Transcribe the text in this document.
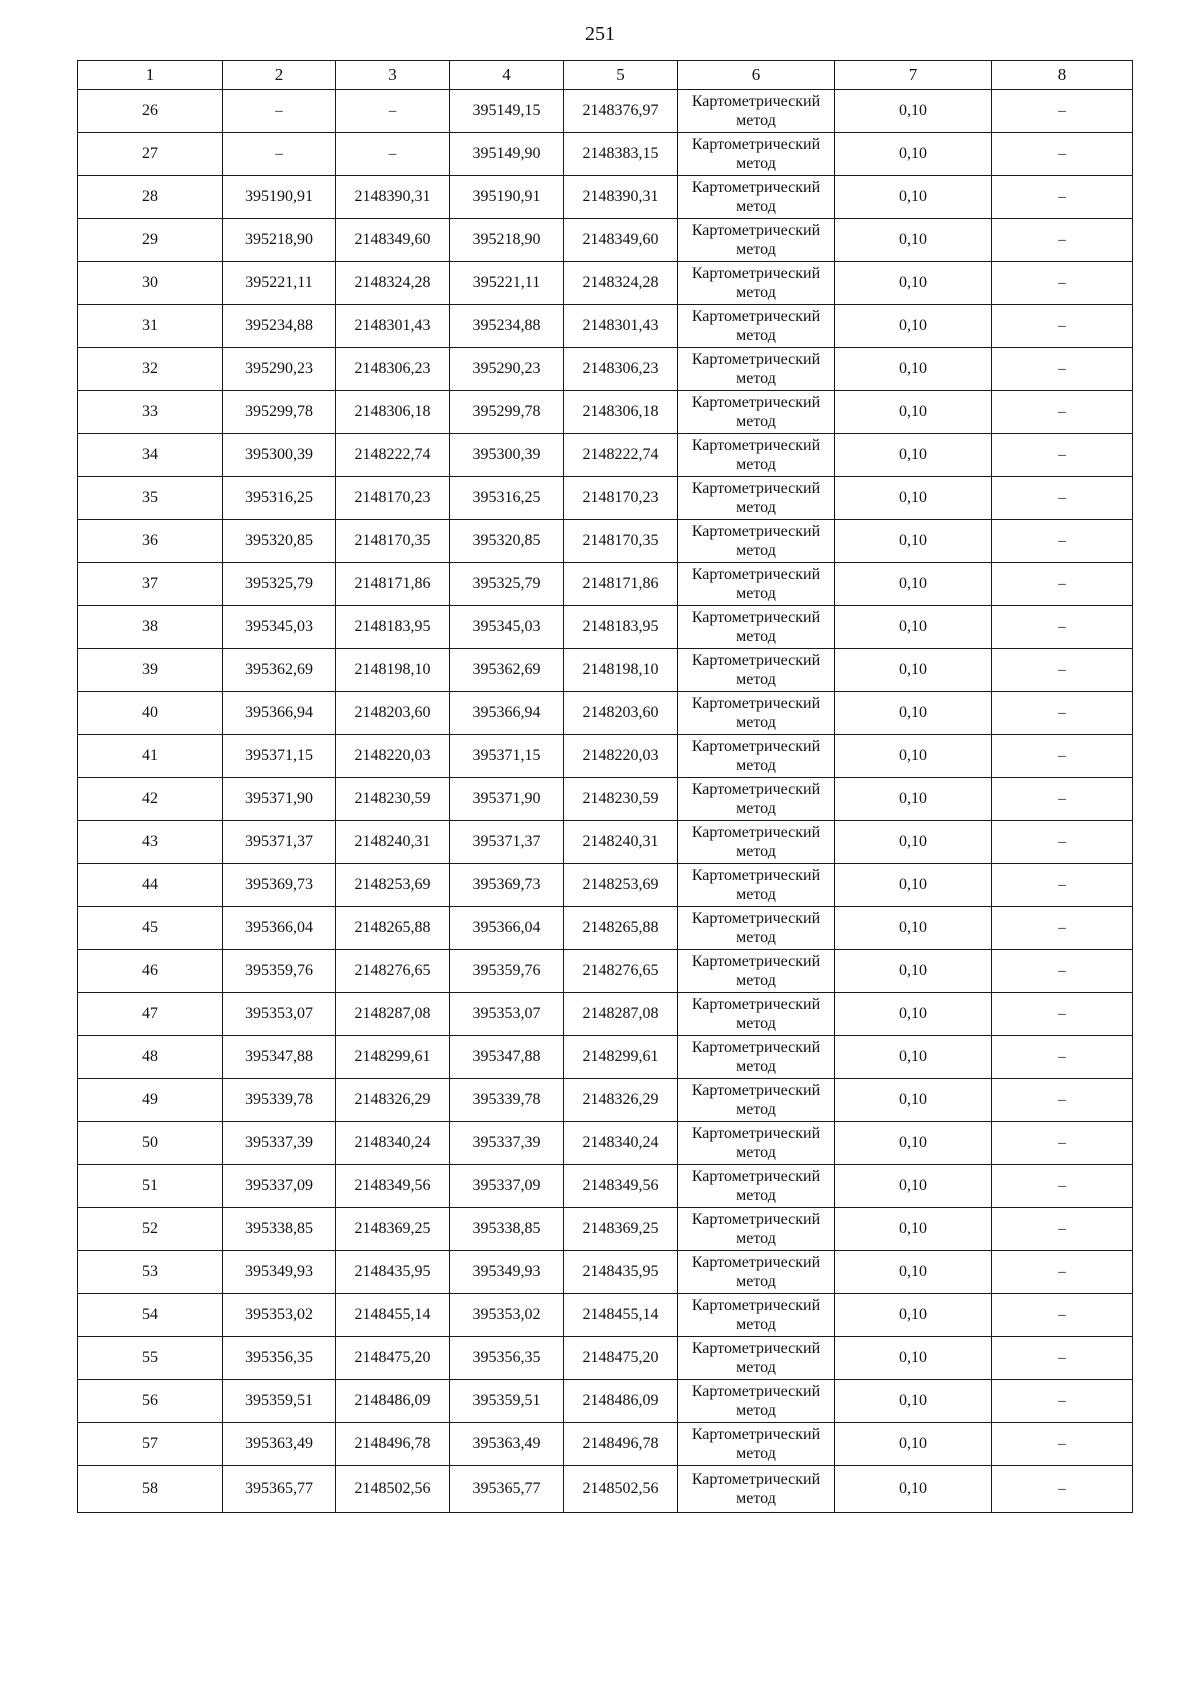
251
1	2	3	4	5	6	7	8
26	–	–	395149,15	2148376,97	Картометрический
метод	0,10	–
27	–	–	395149,90	2148383,15	Картометрический
метод	0,10	–
28	395190,91	2148390,31	395190,91	2148390,31	Картометрический
метод	0,10	–
29	395218,90	2148349,60	395218,90	2148349,60	Картометрический
метод	0,10	–
30	395221,11	2148324,28	395221,11	2148324,28	Картометрический
метод	0,10	–
31	395234,88	2148301,43	395234,88	2148301,43	Картометрический
метод	0,10	–
32	395290,23	2148306,23	395290,23	2148306,23	Картометрический
метод	0,10	–
33	395299,78	2148306,18	395299,78	2148306,18	Картометрический
метод	0,10	–
34	395300,39	2148222,74	395300,39	2148222,74	Картометрический
метод	0,10	–
35	395316,25	2148170,23	395316,25	2148170,23	Картометрический
метод	0,10	–
36	395320,85	2148170,35	395320,85	2148170,35	Картометрический
метод	0,10	–
37	395325,79	2148171,86	395325,79	2148171,86	Картометрический
метод	0,10	–
38	395345,03	2148183,95	395345,03	2148183,95	Картометрический
метод	0,10	–
39	395362,69	2148198,10	395362,69	2148198,10	Картометрический
метод	0,10	–
40	395366,94	2148203,60	395366,94	2148203,60	Картометрический
метод	0,10	–
41	395371,15	2148220,03	395371,15	2148220,03	Картометрический
метод	0,10	–
42	395371,90	2148230,59	395371,90	2148230,59	Картометрический
метод	0,10	–
43	395371,37	2148240,31	395371,37	2148240,31	Картометрический
метод	0,10	–
44	395369,73	2148253,69	395369,73	2148253,69	Картометрический
метод	0,10	–
45	395366,04	2148265,88	395366,04	2148265,88	Картометрический
метод	0,10	–
46	395359,76	2148276,65	395359,76	2148276,65	Картометрический
метод	0,10	–
47	395353,07	2148287,08	395353,07	2148287,08	Картометрический
метод	0,10	–
48	395347,88	2148299,61	395347,88	2148299,61	Картометрический
метод	0,10	–
49	395339,78	2148326,29	395339,78	2148326,29	Картометрический
метод	0,10	–
50	395337,39	2148340,24	395337,39	2148340,24	Картометрический
метод	0,10	–
51	395337,09	2148349,56	395337,09	2148349,56	Картометрический
метод	0,10	–
52	395338,85	2148369,25	395338,85	2148369,25	Картометрический
метод	0,10	–
53	395349,93	2148435,95	395349,93	2148435,95	Картометрический
метод	0,10	–
54	395353,02	2148455,14	395353,02	2148455,14	Картометрический
метод	0,10	–
55	395356,35	2148475,20	395356,35	2148475,20	Картометрический
метод	0,10	–
56	395359,51	2148486,09	395359,51	2148486,09	Картометрический
метод	0,10	–
57	395363,49	2148496,78	395363,49	2148496,78	Картометрический
метод	0,10	–
58	395365,77	2148502,56	395365,77	2148502,56	Картометрический
метод	0,10	–
